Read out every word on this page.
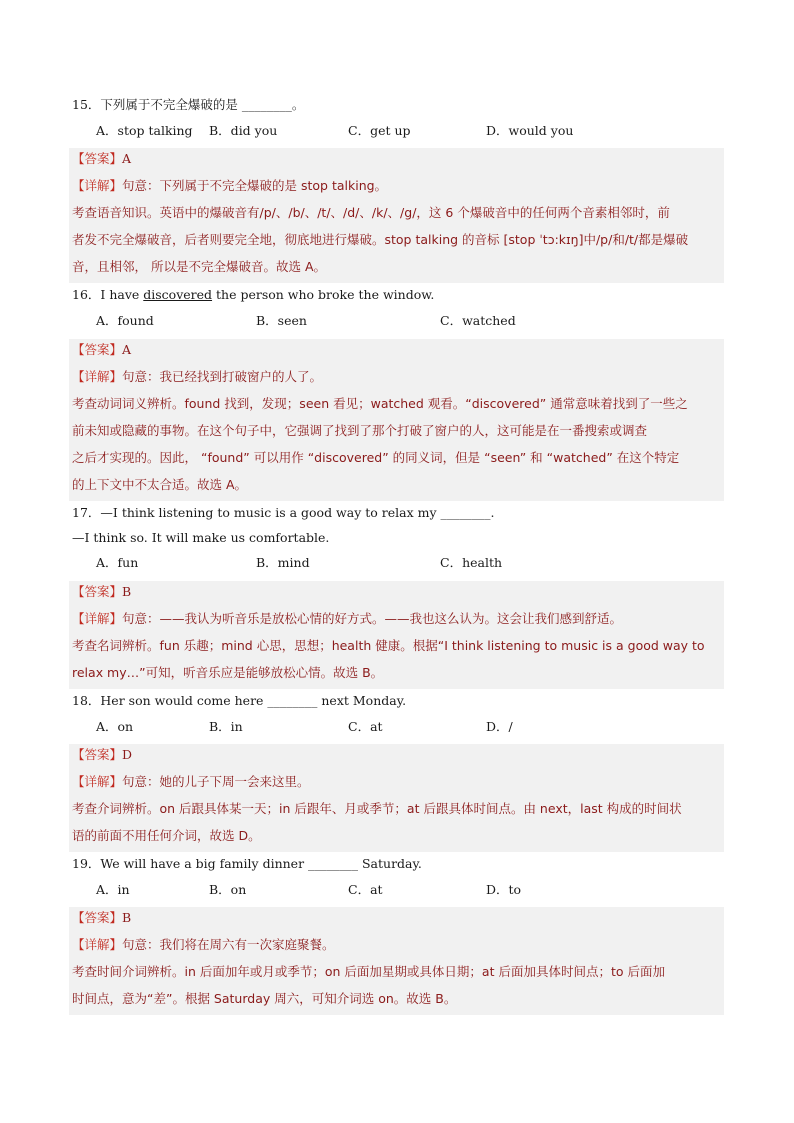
15．下列属于不完全爆破的是 ________。
A．stop talking B．did you	C．get up	D．would you
【答案】A
【详解】句意：下列属于不完全爆破的是 stop talking。
考查语音知识。英语中的爆破音有/p/、/b/、/t/、/d/、/k/、/g/，这 6 个爆破音中的任何两个音素相邻时，前
者发不完全爆破音，后者则要完全地，彻底地进行爆破。stop talking 的音标 [stop ˈtɔ:kɪŋ]中/p/和/t/都是爆破
音，且相邻， 所以是不完全爆破音。故选 A。
16．I have discovered the person who broke the window.
A．found	B．seen	C．watched
【答案】A
【详解】句意：我已经找到打破窗户的人了。
考查动词词义辨析。found 找到，发现；seen 看见；watched 观看。“discovered” 通常意味着找到了一些之
前未知或隐藏的事物。在这个句子中，它强调了找到了那个打破了窗户的人，这可能是在一番搜索或调查
之后才实现的。因此， “found” 可以用作 “discovered” 的同义词，但是 “seen” 和 “watched” 在这个特定
的上下文中不太合适。故选 A。
17．—I think listening to music is a good way to relax my ________.
—I think so. It will make us comfortable.
A．fun	B．mind	C．health
【答案】B
【详解】句意：——我认为听音乐是放松心情的好方式。——我也这么认为。这会让我们感到舒适。
考查名词辨析。fun 乐趣；mind 心思，思想；health 健康。根据“I think listening to music is a good way to
relax my…”可知，听音乐应是能够放松心情。故选 B。
18．Her son would come here ________ next Monday.
A．on	B．in	C．at	D．/
【答案】D
【详解】句意：她的儿子下周一会来这里。
考查介词辨析。on 后跟具体某一天；in 后跟年、月或季节；at 后跟具体时间点。由 next，last 构成的时间状
语的前面不用任何介词，故选 D。
19．We will have a big family dinner ________ Saturday.
A．in	B．on	C．at	D．to
【答案】B
【详解】句意：我们将在周六有一次家庭聚餐。
考查时间介词辨析。in 后面加年或月或季节；on 后面加星期或具体日期；at 后面加具体时间点；to 后面加
时间点，意为“差”。根据 Saturday 周六，可知介词选 on。故选 B。
